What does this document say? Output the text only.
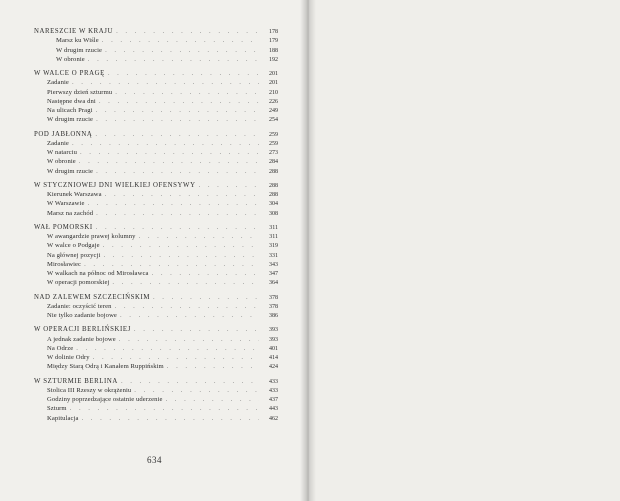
NARESZCIE W KRAJU . . .	178
Marsz ku Wiśle . . .	179
W drugim rzucie . . .	188
W obronie . . .	192
W WALCE O PRAGĘ . . .	201
Zadanie . . .	201
Pierwszy dzień szturmu . . .	210
Następne dwa dni . . .	226
Na ulicach Pragi . . .	249
W drugim rzucie . . .	254
POD JABŁONNĄ . . .	259
Zadanie . . .	259
W natarciu . . .	273
W obronie . . .	284
W drugim rzucie . . .	288
W STYCZNIOWEJ DNI WIELKIEJ OFENSYWY . . .	288
Kierunek Warszawa . . .	288
W Warszawie . . .	304
Marsz na zachód . . .	308
WAŁ POMORSKI . . .	311
W awangardzie prawej kolumny . . .	311
W walce o Podgaje . . .	319
Na głównej pozycji . . .	331
Mirosławiec . . .	343
W walkach na północ od Mirosławca . . .	347
W operacji pomorskiej . . .	364
NAD ZALEWEM SZCZECIŃSKIM . . .	378
Zadanie: oczyścić teren . . .	378
Nie tylko zadanie bojowe . . .	386
W OPERACJI BERLIŃSKIEJ . . .	393
A jednak zadanie bojowe . . .	393
Na Odrze . . .	401
W dolinie Odry . . .	414
Między Starą Odrą i Kanałem Ruppińskim . . .	424
W SZTURMIE BERLINA . . .	433
Stolica III Rzeszy w okrążeniu . . .	433
Godziny poprzedzające ostatnie uderzenie . . .	437
Szturm . . .	443
Kapitulacja . . .	462
634
